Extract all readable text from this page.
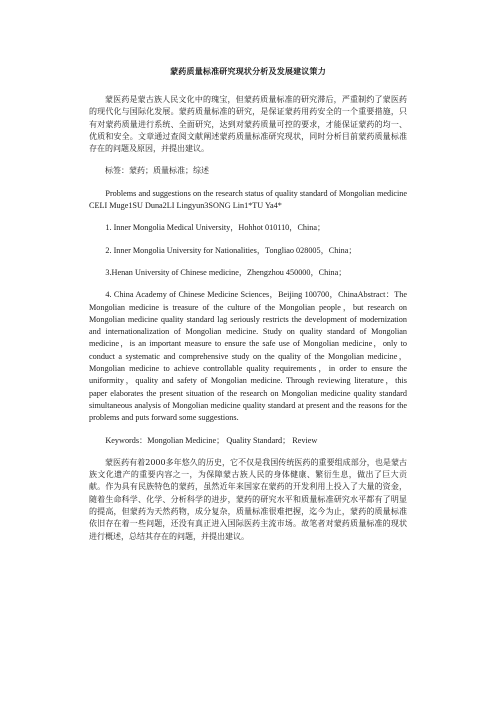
蒙药质量标准研究现状分析及发展建议策力

蒙医药是蒙古族人民文化中的瑰宝，但蒙药质量标准的研究滞后，严重制约了蒙医药的现代化与国际化发展。蒙药质量标准的研究，是保证蒙药用药安全的一个重要措施，只有对蒙药质量进行系统、全面研究，达到对蒙药质量可控的要求，才能保证蒙药的均一、优质和安全。文章通过查阅文献阐述蒙药质量标准研究现状，同时分析目前蒙药质量标准存在的问题及原因，并提出建议。

标签：蒙药；质量标准；综述

Problems and suggestions on the research status of quality standard of Mongolian medicine CELI Muge1SU Duna2LI Lingyun3SONG Lin1*TU Ya4*

1. Inner Mongolia Medical University，Hohhot 010110，China；

2. Inner Mongolia University for Nationalities，Tongliao 028005，China；

3.Henan University of Chinese medicine，Zhengzhou 450000，China；

4. China Academy of Chinese Medicine Sciences，Beijing 100700，ChinaAbstract：The Mongolian medicine is treasure of the culture of the Mongolian people，but research on Mongolian medicine quality standard lag seriously restricts the development of modernization and internationalization of Mongolian medicine. Study on quality standard of Mongolian medicine，is an important measure to ensure the safe use of Mongolian medicine，only to conduct a systematic and comprehensive study on the quality of the Mongolian medicine，Mongolian medicine to achieve controllable quality requirements，in order to ensure the uniformity，quality and safety of Mongolian medicine. Through reviewing literature，this paper elaborates the present situation of the research on Mongolian medicine quality standard simultaneous analysis of Mongolian medicine quality standard at present and the reasons for the problems and puts forward some suggestions.

Keywords：Mongolian Medicine； Quality Standard； Review

蒙医药有着2000多年悠久的历史，它不仅是我国传统医药的重要组成部分，也是蒙古族文化遗产的重要内容之一，为保障蒙古族人民的身体健康、繁衍生息，做出了巨大贡献。作为具有民族特色的蒙药，虽然近年来国家在蒙药的开发利用上投入了大量的资金，随着生命科学、化学、分析科学的进步，蒙药的研究水平和质量标准研究水平都有了明显的提高，但蒙药为天然药物，成分复杂，质量标准很难把握，迄今为止，蒙药的质量标准依旧存在着一些问题，还没有真正进入国际医药主流市场。故笔者对蒙药质量标准的现状进行概述，总结其存在的问题，并提出建议。
